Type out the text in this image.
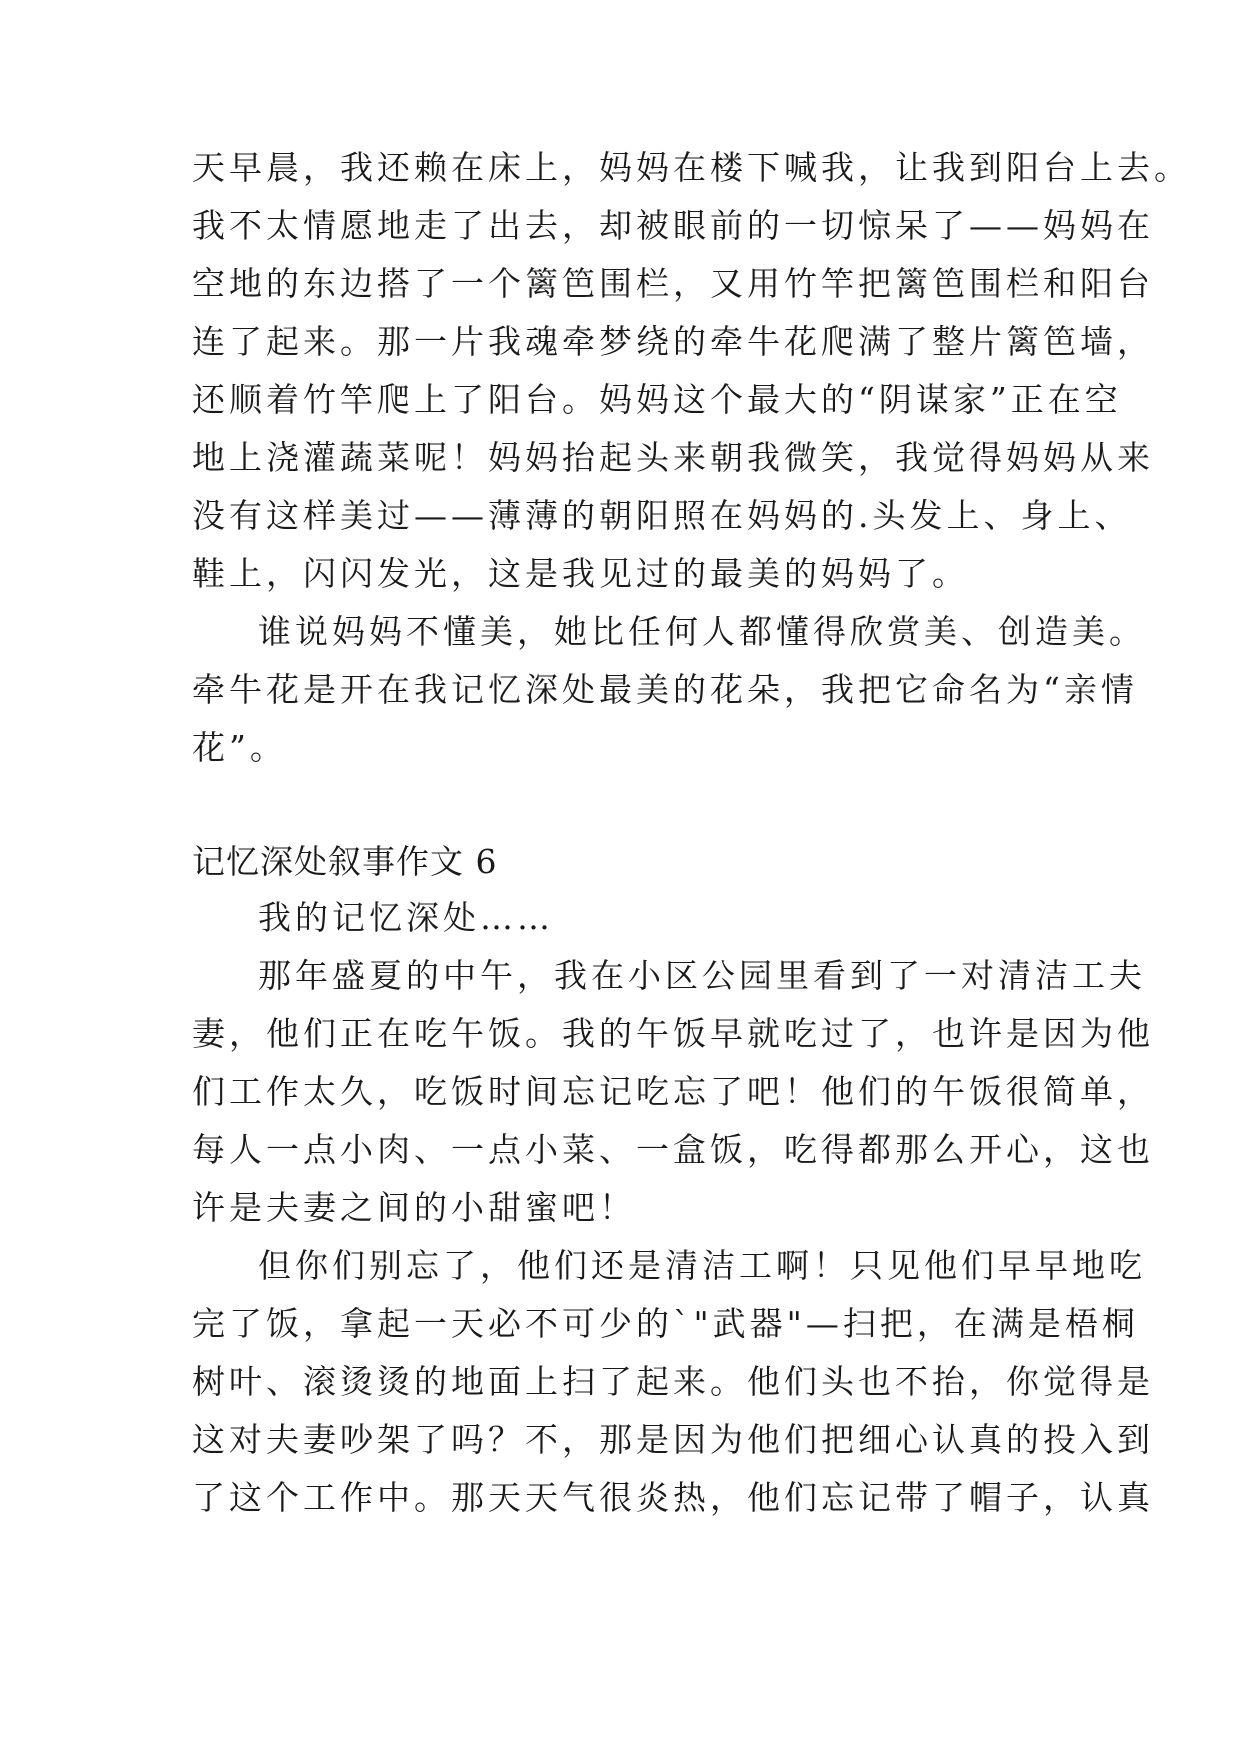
天早晨，我还赖在床上，妈妈在楼下喊我，让我到阳台上去。
我不太情愿地走了出去，却被眼前的一切惊呆了——妈妈在
空地的东边搭了一个篱笆围栏，又用竹竿把篱笆围栏和阳台
连了起来。那一片我魂牵梦绕的牵牛花爬满了整片篱笆墙，
还顺着竹竿爬上了阳台。妈妈这个最大的“阴谋家”正在空
地上浇灌蔬菜呢！妈妈抬起头来朝我微笑，我觉得妈妈从来
没有这样美过——薄薄的朝阳照在妈妈的.头发上、身上、
鞋上，闪闪发光，这是我见过的最美的妈妈了。
谁说妈妈不懂美，她比任何人都懂得欣赏美、创造美。
牵牛花是开在我记忆深处最美的花朵，我把它命名为“亲情
花”。
记忆深处叙事作文 6
我的记忆深处……
那年盛夏的中午，我在小区公园里看到了一对清洁工夫
妻，他们正在吃午饭。我的午饭早就吃过了，也许是因为他
们工作太久，吃饭时间忘记吃忘了吧！他们的午饭很简单，
每人一点小肉、一点小菜、一盒饭，吃得都那么开心，这也
许是夫妻之间的小甜蜜吧！
但你们别忘了，他们还是清洁工啊！只见他们早早地吃
完了饭，拿起一天必不可少的`"武器"—扫把，在满是梧桐
树叶、滚烫烫的地面上扫了起来。他们头也不抬，你觉得是
这对夫妻吵架了吗？不，那是因为他们把细心认真的投入到
了这个工作中。那天天气很炎热，他们忘记带了帽子，认真
